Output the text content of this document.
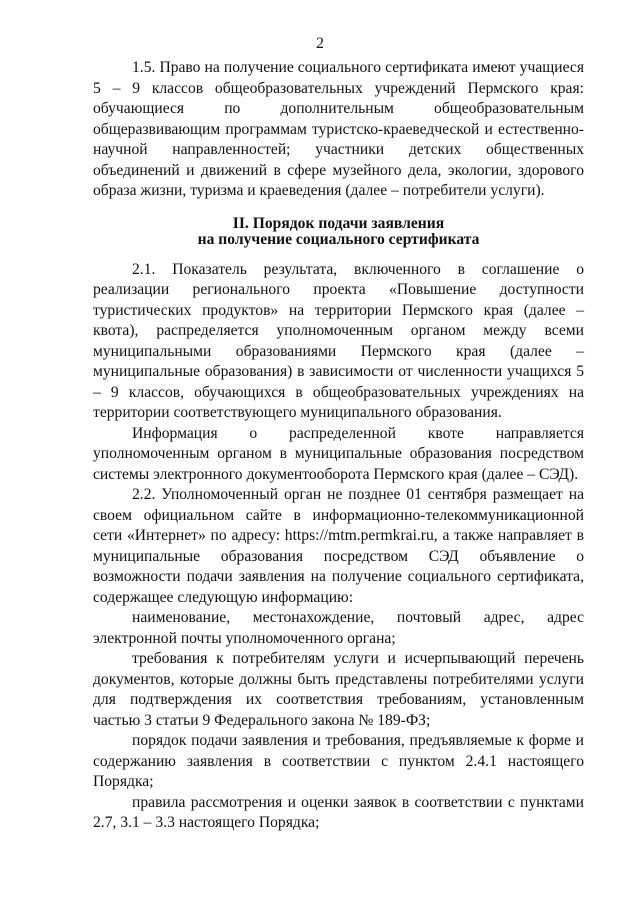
2

1.5. Право на получение социального сертификата имеют учащиеся 5 – 9 классов общеобразовательных учреждений Пермского края: обучающиеся по дополнительным общеобразовательным общеразвивающим программам туристско-краеведческой и естественно-научной направленностей; участники детских общественных объединений и движений в сфере музейного дела, экологии, здорового образа жизни, туризма и краеведения (далее – потребители услуги).

II. Порядок подачи заявления
на получение социального сертификата

2.1. Показатель результата, включенного в соглашение о реализации регионального проекта «Повышение доступности туристических продуктов» на территории Пермского края (далее – квота), распределяется уполномоченным органом между всеми муниципальными образованиями Пермского края (далее – муниципальные образования) в зависимости от численности учащихся 5 – 9 классов, обучающихся в общеобразовательных учреждениях на территории соответствующего муниципального образования.

Информация о распределенной квоте направляется уполномоченным органом в муниципальные образования посредством системы электронного документооборота Пермского края (далее – СЭД).

2.2. Уполномоченный орган не позднее 01 сентября размещает на своем официальном сайте в информационно-телекоммуникационной сети «Интернет» по адресу: https://mtm.permkrai.ru, а также направляет в муниципальные образования посредством СЭД объявление о возможности подачи заявления на получение социального сертификата, содержащее следующую информацию:

наименование, местонахождение, почтовый адрес, адрес электронной почты уполномоченного органа;

требования к потребителям услуги и исчерпывающий перечень документов, которые должны быть представлены потребителями услуги для подтверждения их соответствия требованиям, установленным частью 3 статьи 9 Федерального закона № 189-ФЗ;

порядок подачи заявления и требования, предъявляемые к форме и содержанию заявления в соответствии с пунктом 2.4.1 настоящего Порядка;

правила рассмотрения и оценки заявок в соответствии с пунктами 2.7, 3.1 – 3.3 настоящего Порядка;
